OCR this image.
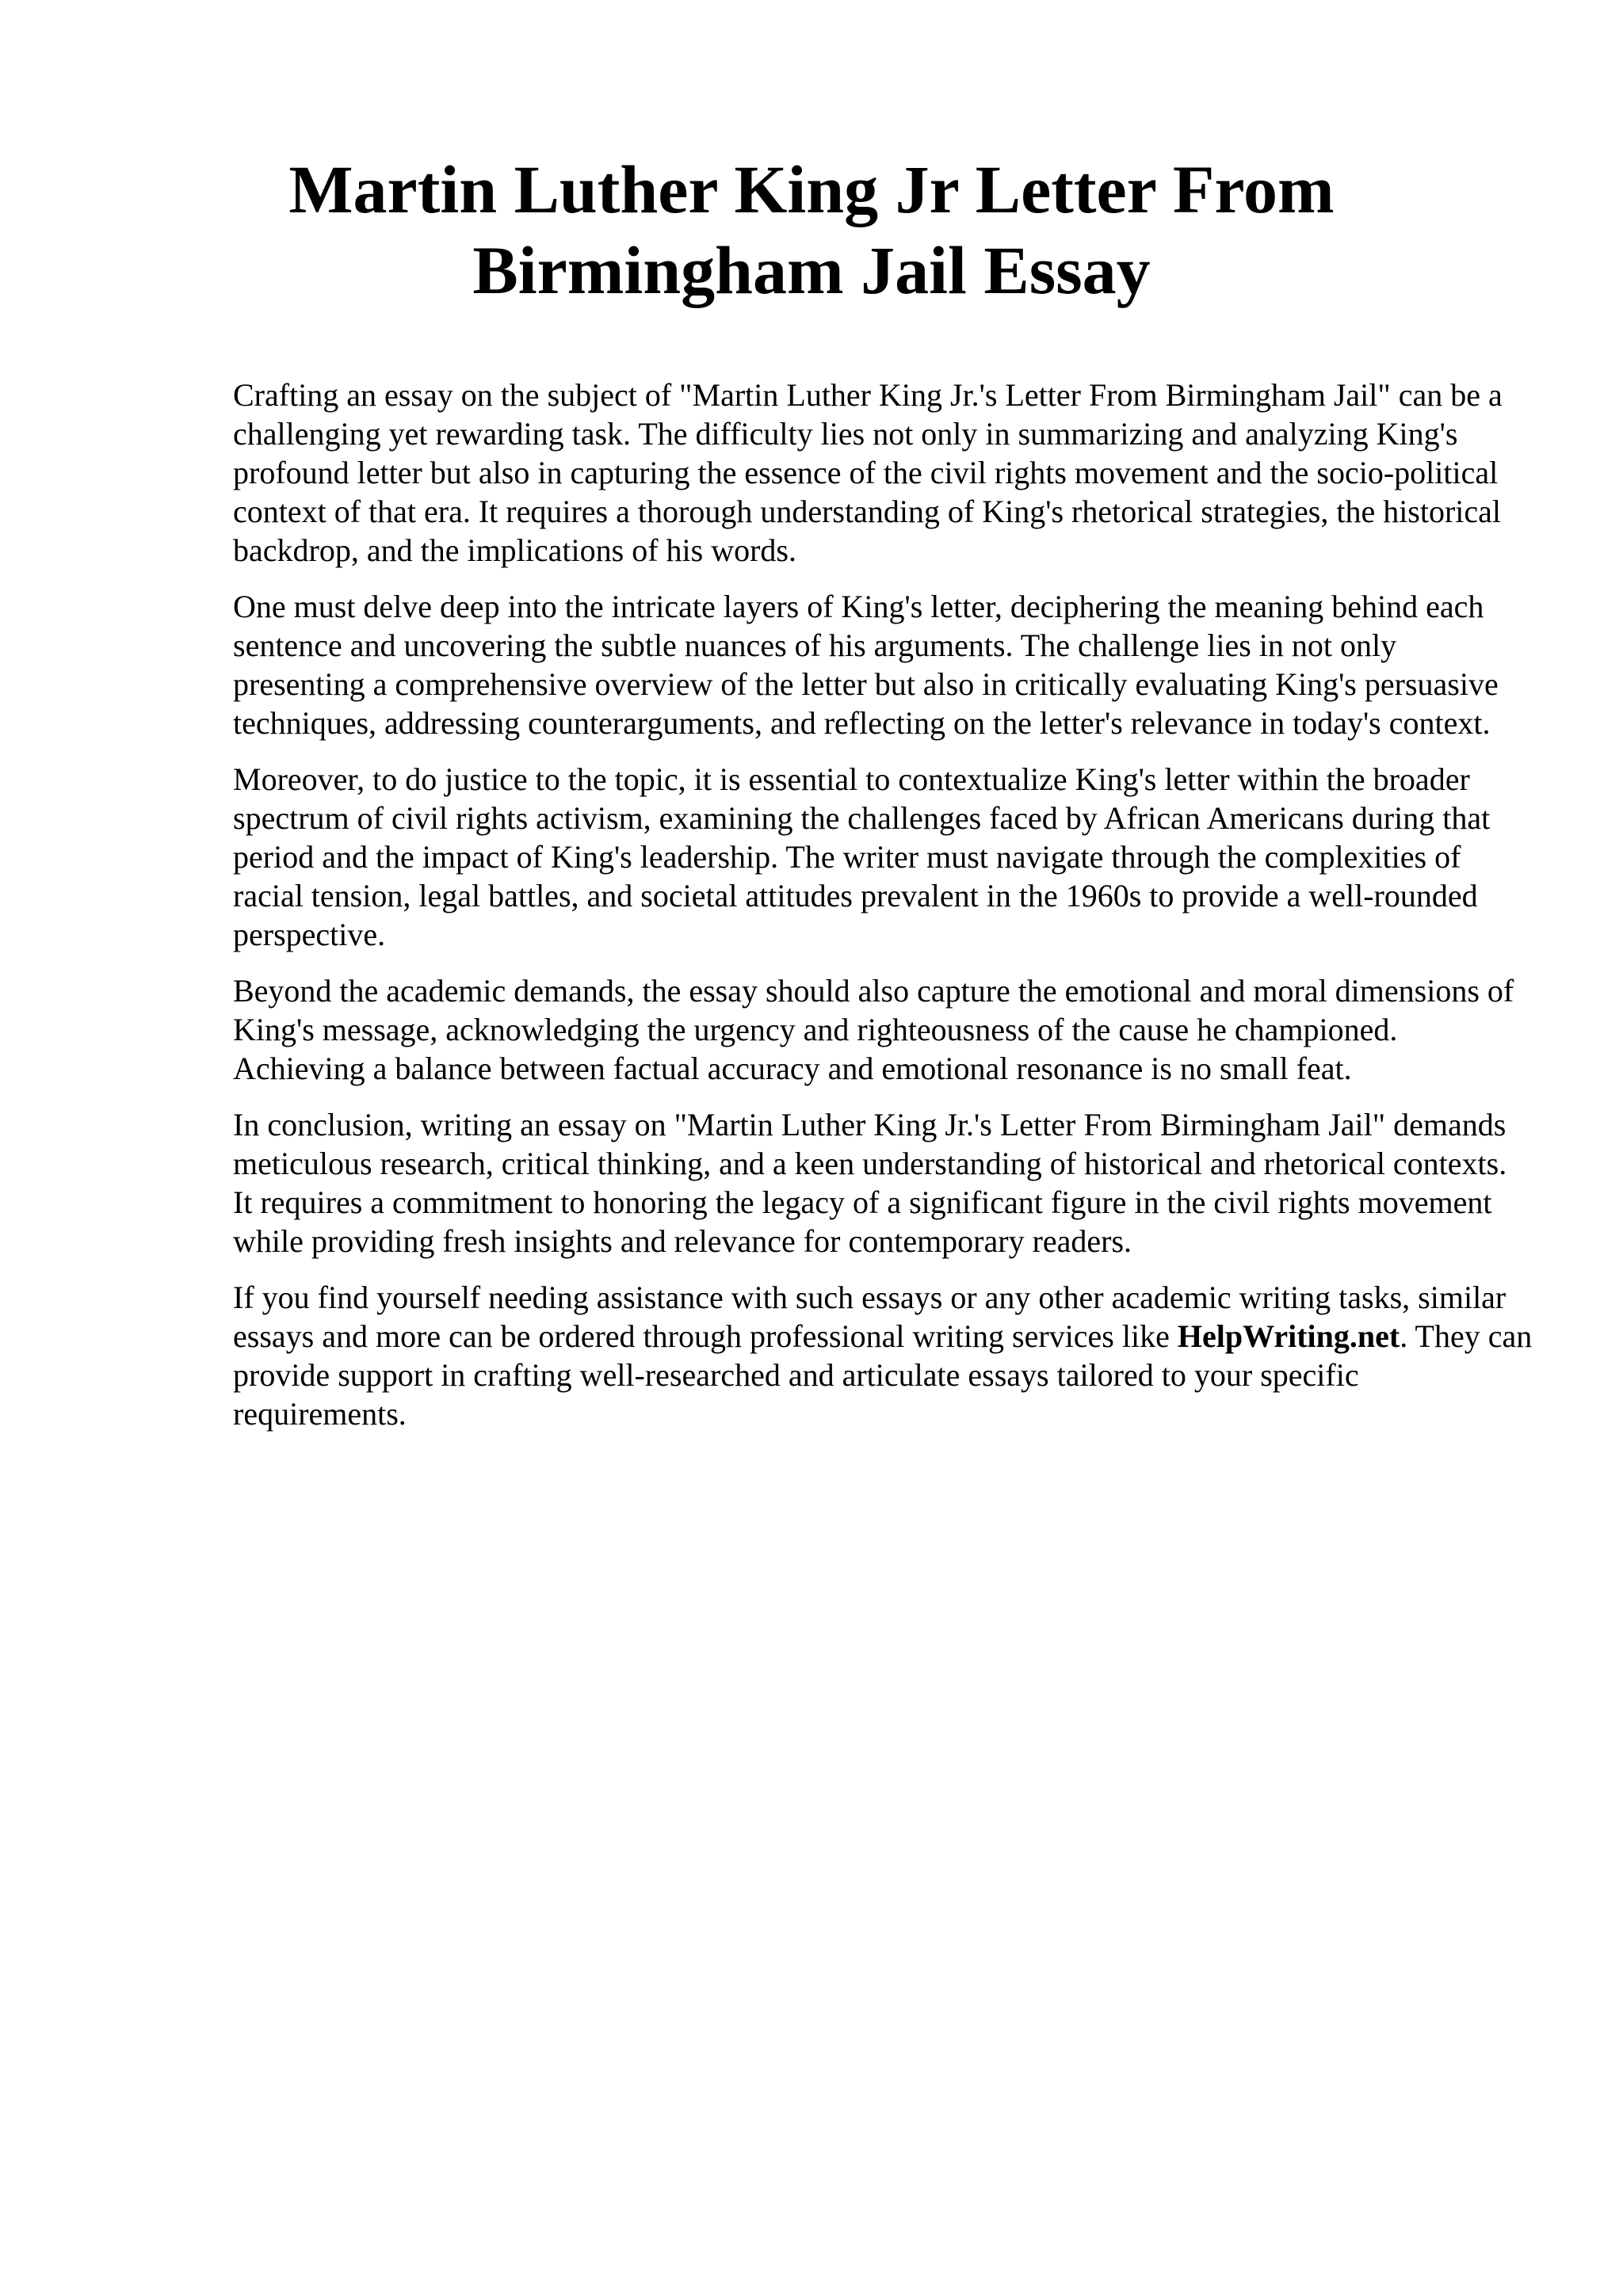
Martin Luther King Jr Letter From Birmingham Jail Essay

Crafting an essay on the subject of "Martin Luther King Jr.'s Letter From Birmingham Jail" can be a challenging yet rewarding task. The difficulty lies not only in summarizing and analyzing King's profound letter but also in capturing the essence of the civil rights movement and the socio-political context of that era. It requires a thorough understanding of King's rhetorical strategies, the historical backdrop, and the implications of his words.

One must delve deep into the intricate layers of King's letter, deciphering the meaning behind each sentence and uncovering the subtle nuances of his arguments. The challenge lies in not only presenting a comprehensive overview of the letter but also in critically evaluating King's persuasive techniques, addressing counterarguments, and reflecting on the letter's relevance in today's context.

Moreover, to do justice to the topic, it is essential to contextualize King's letter within the broader spectrum of civil rights activism, examining the challenges faced by African Americans during that period and the impact of King's leadership. The writer must navigate through the complexities of racial tension, legal battles, and societal attitudes prevalent in the 1960s to provide a well-rounded perspective.

Beyond the academic demands, the essay should also capture the emotional and moral dimensions of King's message, acknowledging the urgency and righteousness of the cause he championed. Achieving a balance between factual accuracy and emotional resonance is no small feat.

In conclusion, writing an essay on "Martin Luther King Jr.'s Letter From Birmingham Jail" demands meticulous research, critical thinking, and a keen understanding of historical and rhetorical contexts. It requires a commitment to honoring the legacy of a significant figure in the civil rights movement while providing fresh insights and relevance for contemporary readers.

If you find yourself needing assistance with such essays or any other academic writing tasks, similar essays and more can be ordered through professional writing services like HelpWriting.net. They can provide support in crafting well-researched and articulate essays tailored to your specific requirements.
